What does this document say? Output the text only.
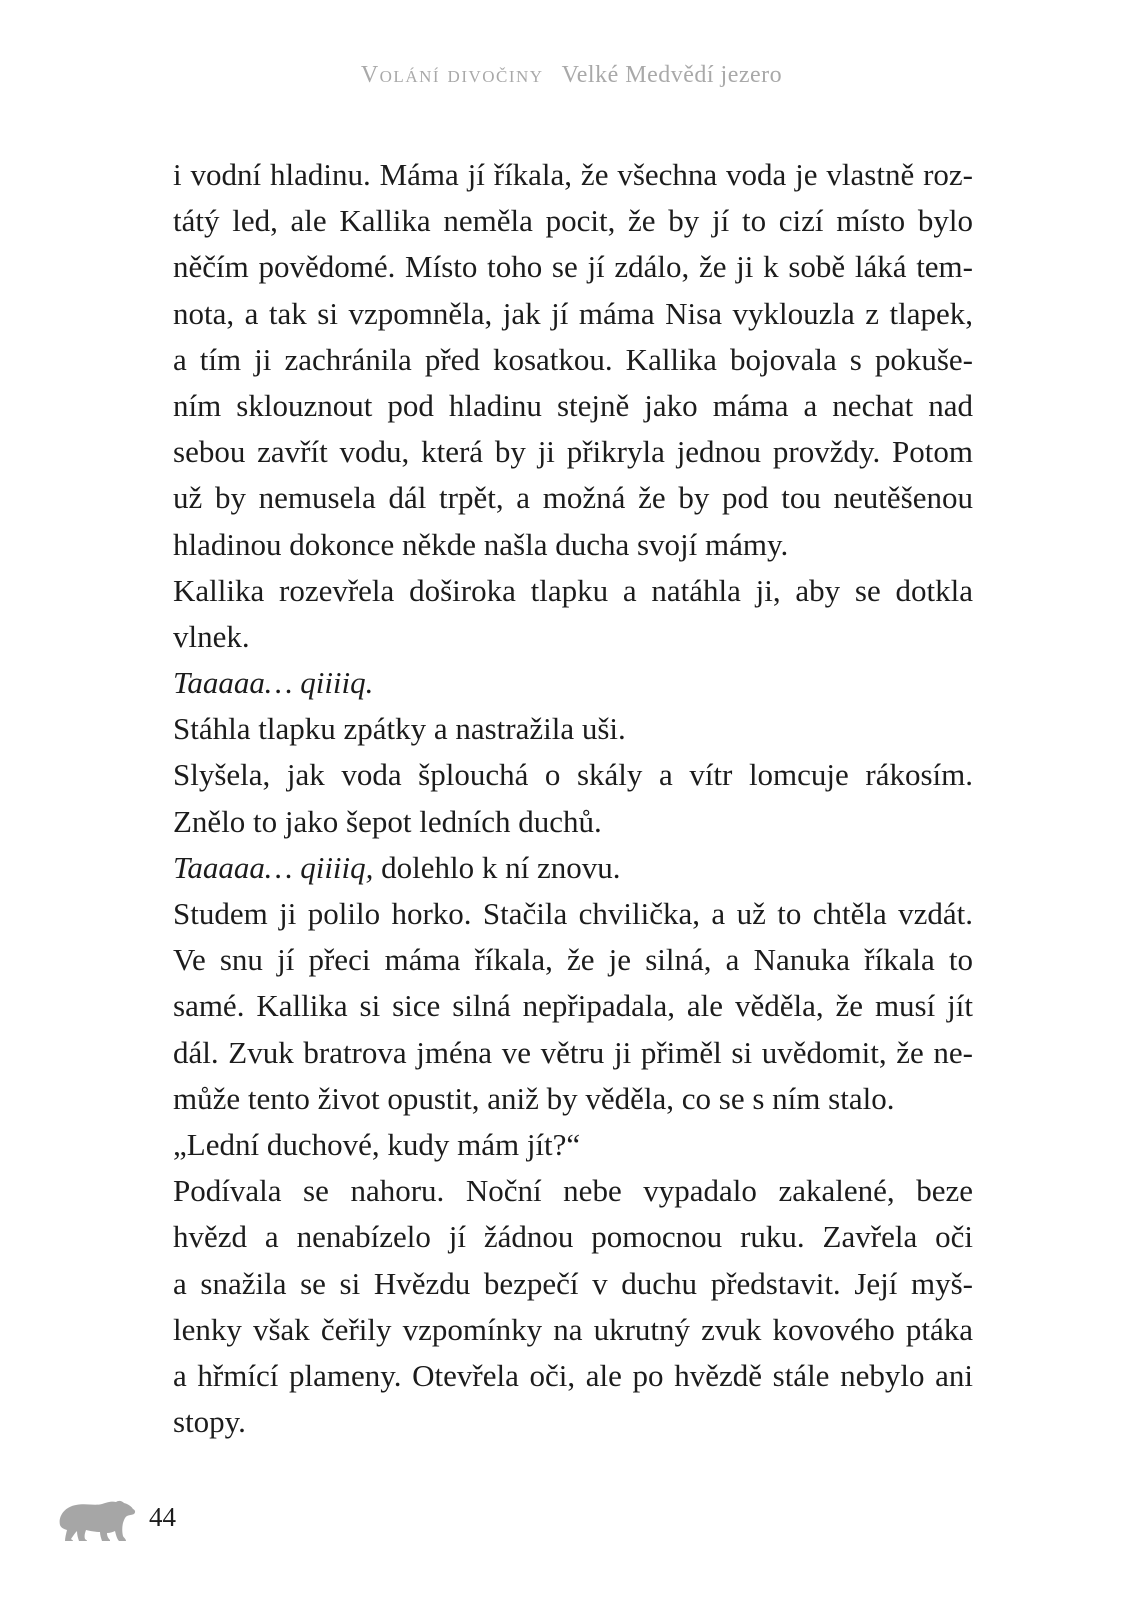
Volání divočiny Velké Medvědí jezero
i vodní hladinu. Máma jí říkala, že všechna voda je vlastně roz-
tátý led, ale Kallika neměla pocit, že by jí to cizí místo bylo
něčím povědomé. Místo toho se jí zdálo, že ji k sobě láká tem-
nota, a tak si vzpomněla, jak jí máma Nisa vyklouzla z tlapek,
a tím ji zachránila před kosatkou. Kallika bojovala s pokuše-
ním sklouznout pod hladinu stejně jako máma a nechat nad
sebou zavřít vodu, která by ji přikryla jednou provždy. Potom
už by nemusela dál trpět, a možná že by pod tou neutěšenou
hladinou dokonce někde našla ducha svojí mámy.
Kallika rozevřela doširoka tlapku a natáhla ji, aby se dotkla
vlnek.
Taaaaa… qiiiiq.
Stáhla tlapku zpátky a nastražila uši.
Slyšela, jak voda šplouchá o skály a vítr lomcuje rákosím.
Znělo to jako šepot ledních duchů.
Taaaaa… qiiiiq, dolehlo k ní znovu.
Studem ji polilo horko. Stačila chvilička, a už to chtěla vzdát.
Ve snu jí přeci máma říkala, že je silná, a Nanuka říkala to
samé. Kallika si sice silná nepřipadala, ale věděla, že musí jít
dál. Zvuk bratrova jména ve větru ji přiměl si uvědomit, že ne-
může tento život opustit, aniž by věděla, co se s ním stalo.
„Lední duchové, kudy mám jít?“
Podívala se nahoru. Noční nebe vypadalo zakalené, beze
hvězd a nenabízelo jí žádnou pomocnou ruku. Zavřela oči
a snažila se si Hvězdu bezpečí v duchu představit. Její myš-
lenky však čeřily vzpomínky na ukrutný zvuk kovového ptáka
a hřmící plameny. Otevřela oči, ale po hvězdě stále nebylo ani
stopy.
44
